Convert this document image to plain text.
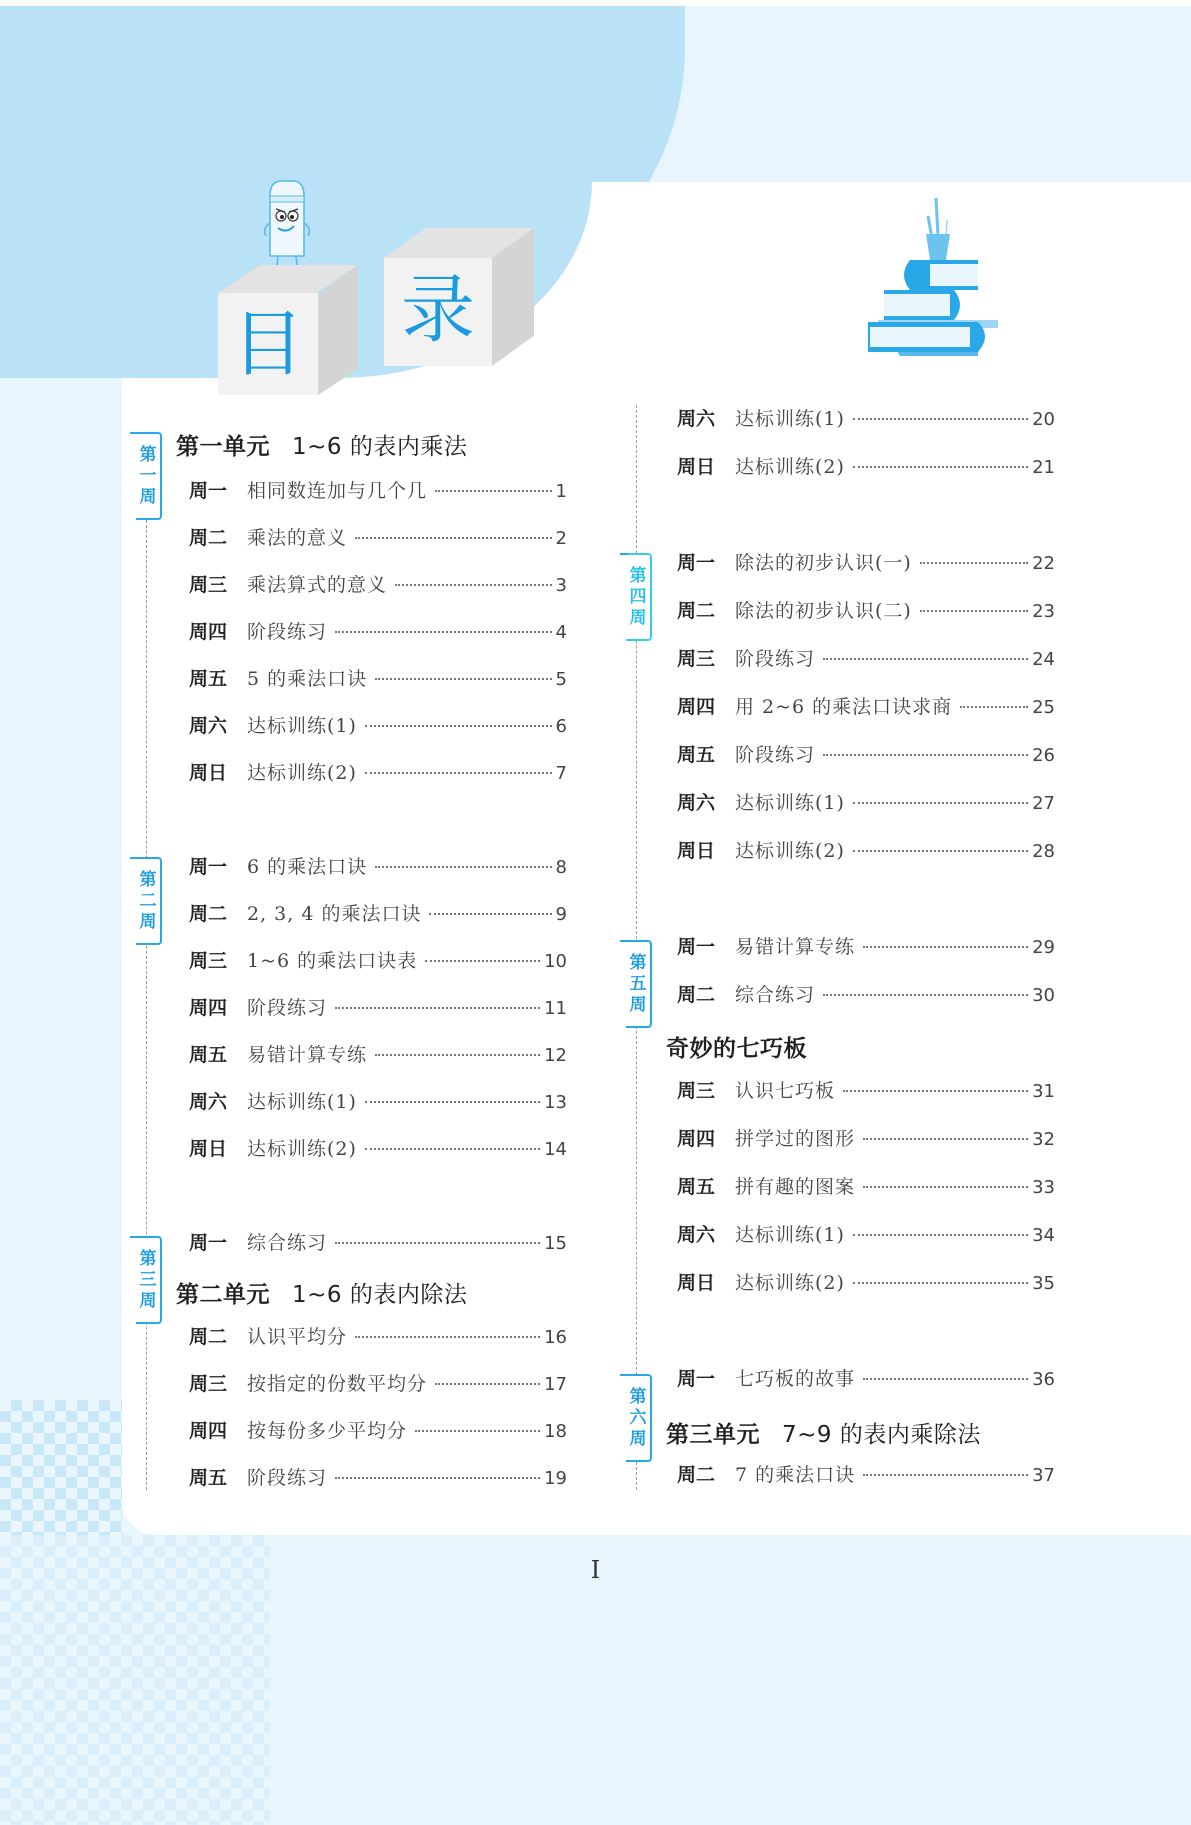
目 录
第
一
周
第
二
周
第
三
周
第一单元 1~6 的表内乘法
第二单元 1~6 的表内除法
周一	相同数连加与几个几	1
周二	乘法的意义	2
周三	乘法算式的意义	3
周四	阶段练习	4
周五	5 的乘法口诀	5
周六	达标训练(1)	6
周日	达标训练(2)	7
周一	6 的乘法口诀	8
周二	2, 3, 4 的乘法口诀	9
周三	1~6 的乘法口诀表	10
周四	阶段练习	11
周五	易错计算专练	12
周六	达标训练(1)	13
周日	达标训练(2)	14
周一	综合练习	15
周二	认识平均分	16
周三	按指定的份数平均分	17
周四	按每份多少平均分	18
周五	阶段练习	19
第
四
周
第
五
周
第
六
周
奇妙的七巧板
第三单元 7~9 的表内乘除法
周六	达标训练(1)	20
周日	达标训练(2)	21
周一	除法的初步认识(一)	22
周二	除法的初步认识(二)	23
周三	阶段练习	24
周四	用 2~6 的乘法口诀求商	25
周五	阶段练习	26
周六	达标训练(1)	27
周日	达标训练(2)	28
周一	易错计算专练	29
周二	综合练习	30
周三	认识七巧板	31
周四	拼学过的图形	32
周五	拼有趣的图案	33
周六	达标训练(1)	34
周日	达标训练(2)	35
周一	七巧板的故事	36
周二	7 的乘法口诀	37
I
